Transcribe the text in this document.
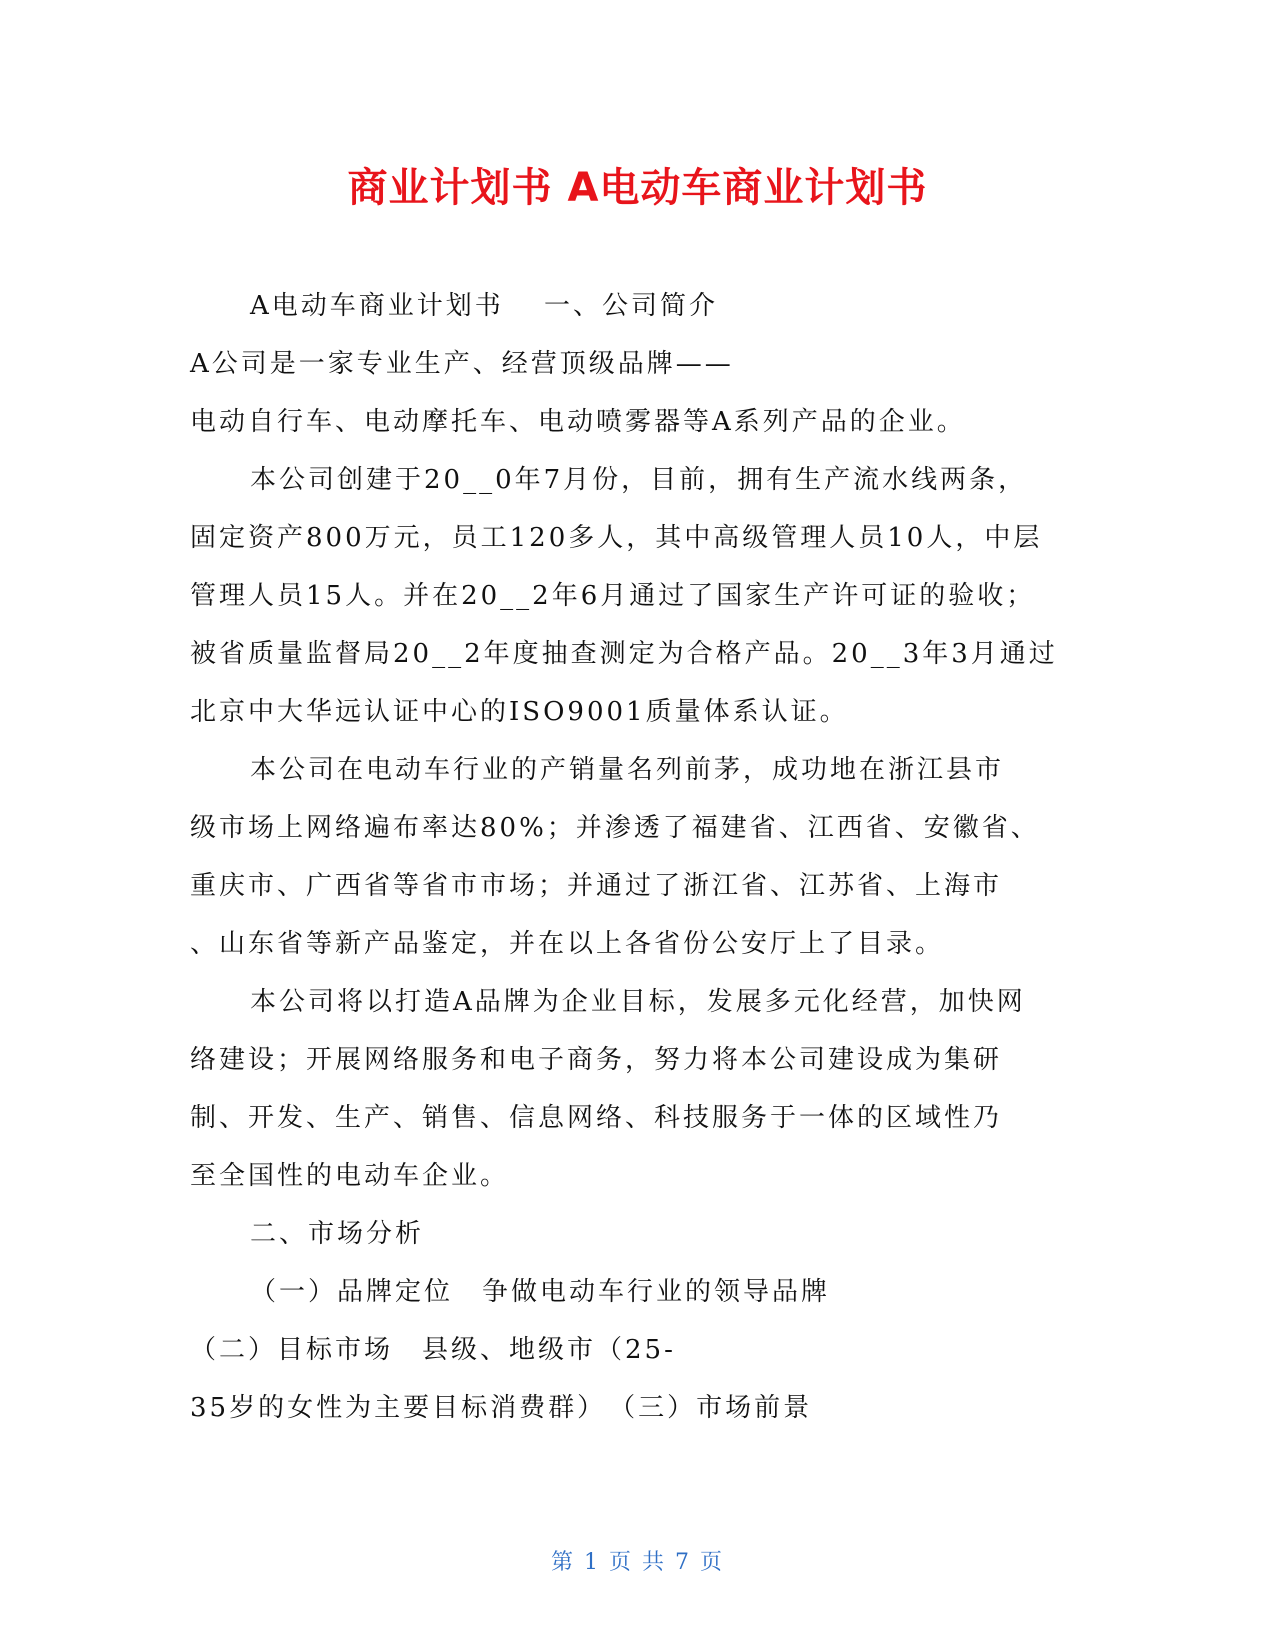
商业计划书 A电动车商业计划书
A电动车商业计划书 　一、公司简介
A公司是一家专业生产、经营顶级品牌——
电动自行车、电动摩托车、电动喷雾器等A系列产品的企业。
本公司创建于20__0年7月份，目前，拥有生产流水线两条，
固定资产800万元，员工120多人，其中高级管理人员10人，中层
管理人员15人。并在20__2年6月通过了国家生产许可证的验收；
被省质量监督局20__2年度抽查测定为合格产品。20__3年3月通过
北京中大华远认证中心的ISO9001质量体系认证。
本公司在电动车行业的产销量名列前茅，成功地在浙江县市
级市场上网络遍布率达80%；并渗透了福建省、江西省、安徽省、
重庆市、广西省等省市市场；并通过了浙江省、江苏省、上海市
、山东省等新产品鉴定，并在以上各省份公安厅上了目录。
本公司将以打造A品牌为企业目标，发展多元化经营，加快网
络建设；开展网络服务和电子商务，努力将本公司建设成为集研
制、开发、生产、销售、信息网络、科技服务于一体的区域性乃
至全国性的电动车企业。
二、市场分析
（一）品牌定位　争做电动车行业的领导品牌
（二）目标市场　县级、地级市（25-
35岁的女性为主要目标消费群）　（三）市场前景
第 1 页 共 7 页
